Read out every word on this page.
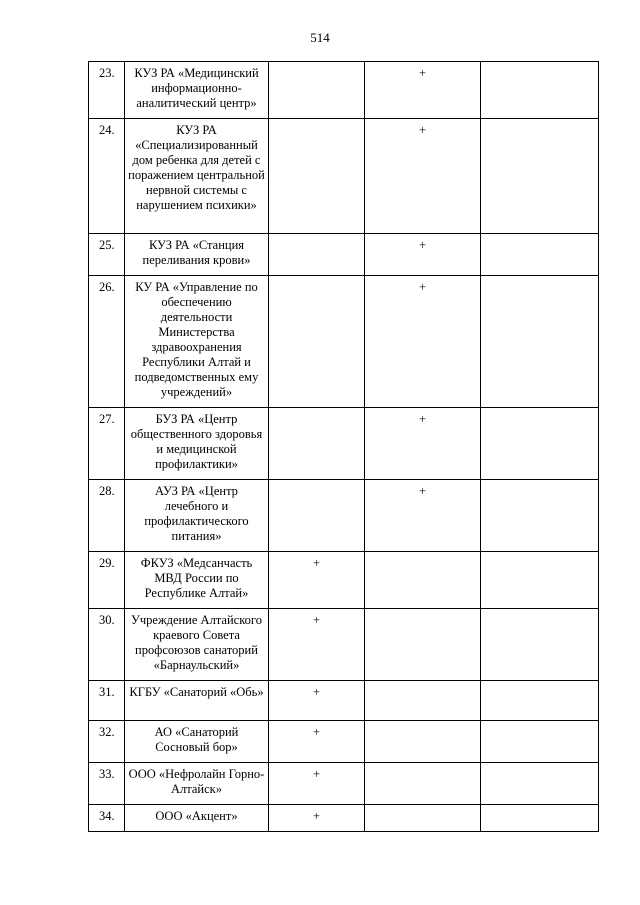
514
23.	КУЗ РА «Медицинский информационно-аналитический центр»		+	
24.	КУЗ РА «Специализированный дом ребенка для детей с поражением центральной нервной системы с нарушением психики»		+	
25.	КУЗ РА «Станция переливания крови»		+	
26.	КУ РА «Управление по обеспечению деятельности Министерства здравоохранения Республики Алтай и подведомственных ему учреждений»		+	
27.	БУЗ РА «Центр общественного здоровья и медицинской профилактики»		+	
28.	АУЗ РА «Центр лечебного и профилактического питания»		+	
29.	ФКУЗ «Медсанчасть МВД России по Республике Алтай»	+		
30.	Учреждение Алтайского краевого Совета профсоюзов санаторий «Барнаульский»	+		
31.	КГБУ «Санаторий «Обь»	+		
32.	АО «Санаторий Сосновый бор»	+		
33.	ООО «Нефролайн Горно-Алтайск»	+		
34.	ООО «Акцент»	+		
